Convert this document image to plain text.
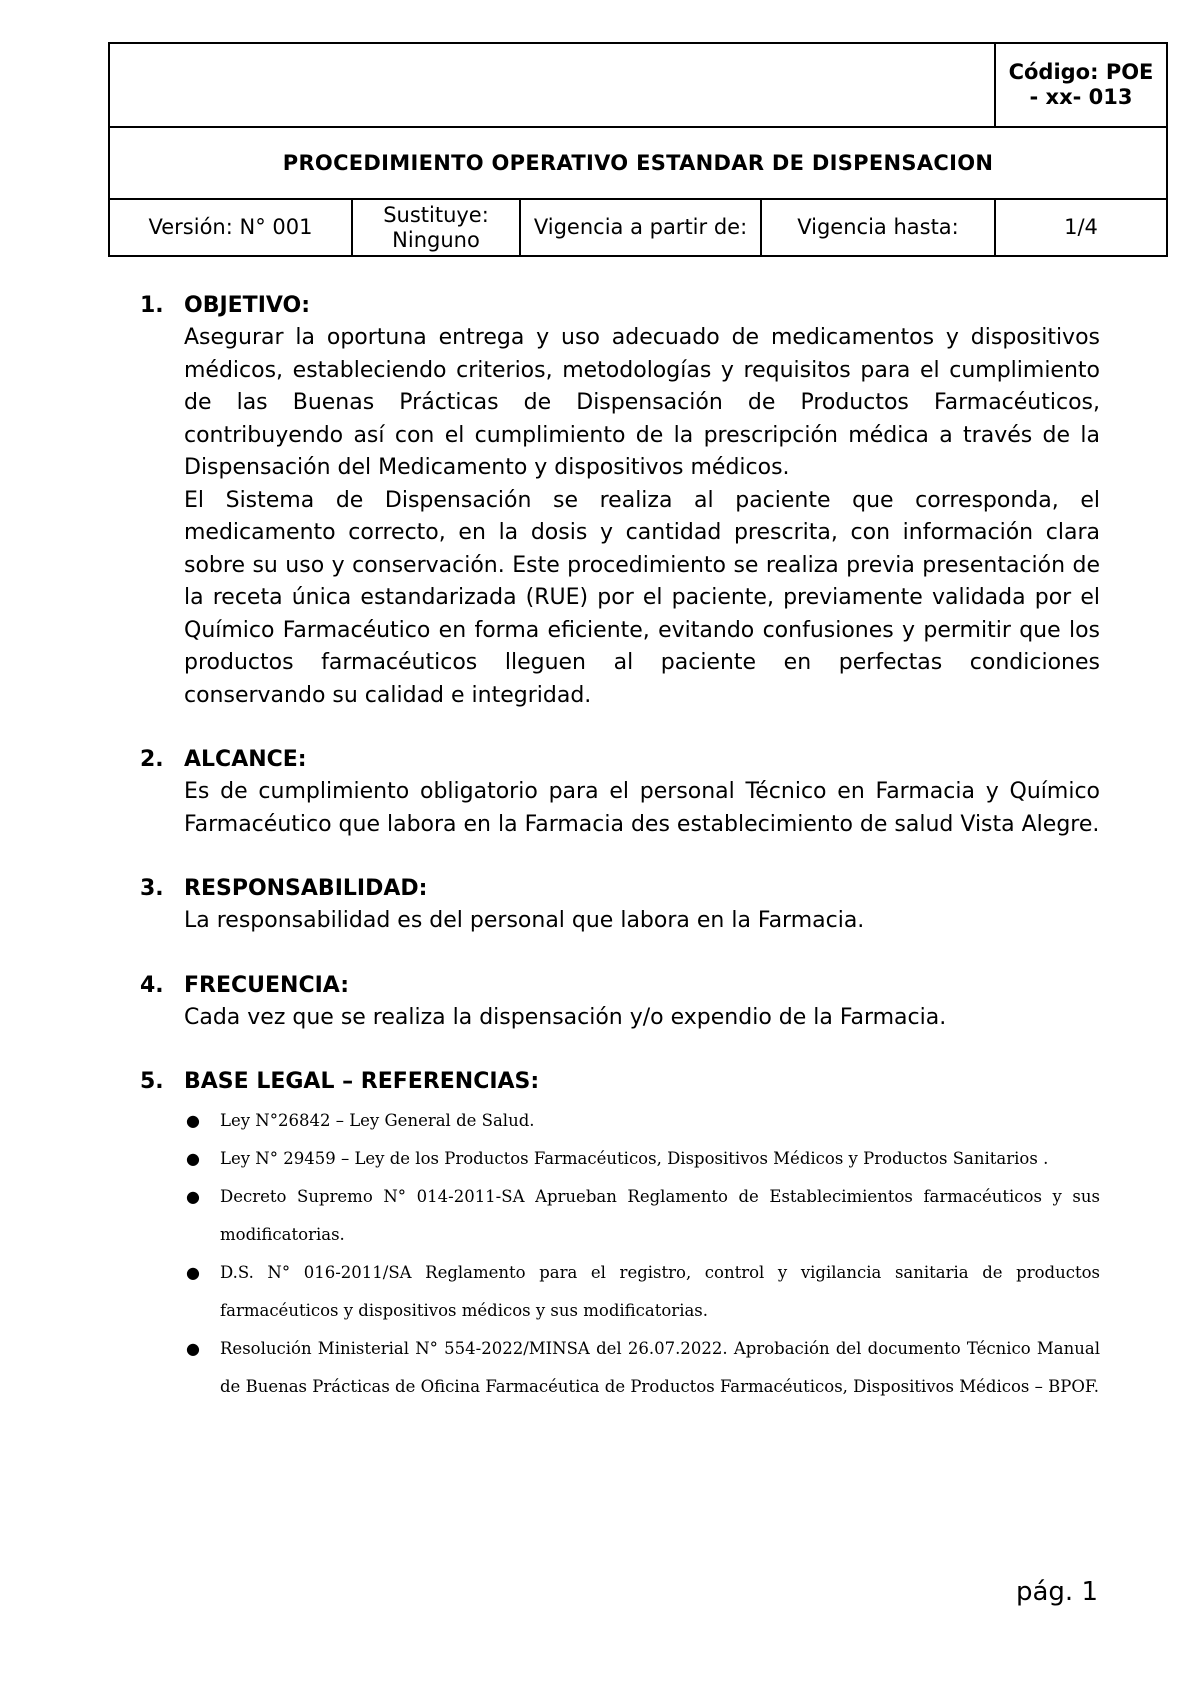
				Código: POE - xx- 013
PROCEDIMIENTO OPERATIVO ESTANDAR DE DISPENSACION				
Versión: N° 001	Sustituye: Ninguno	Vigencia a partir de:	Vigencia hasta:	1/4
1. OBJETIVO:

Asegurar la oportuna entrega y uso adecuado de medicamentos y dispositivos médicos, estableciendo criterios, metodologías y requisitos para el cumplimiento de las Buenas Prácticas de Dispensación de Productos Farmacéuticos, contribuyendo así con el cumplimiento de la prescripción médica a través de la Dispensación del Medicamento y dispositivos médicos.

El Sistema de Dispensación se realiza al paciente que corresponda, el medicamento correcto, en la dosis y cantidad prescrita, con información clara sobre su uso y conservación. Este procedimiento se realiza previa presentación de la receta única estandarizada (RUE) por el paciente, previamente validada por el Químico Farmacéutico en forma eficiente, evitando confusiones y permitir que los productos farmacéuticos lleguen al paciente en perfectas condiciones conservando su calidad e integridad.

2. ALCANCE:

Es de cumplimiento obligatorio para el personal Técnico en Farmacia y Químico Farmacéutico que labora en la Farmacia des establecimiento de salud Vista Alegre.

3. RESPONSABILIDAD:

La responsabilidad es del personal que labora en la Farmacia.

4. FRECUENCIA:

Cada vez que se realiza la dispensación y/o expendio de la Farmacia.

5. BASE LEGAL – REFERENCIAS:
● Ley N°26842 – Ley General de Salud.
● Ley N° 29459 – Ley de los Productos Farmacéuticos, Dispositivos Médicos y Productos Sanitarios .
● Decreto Supremo N° 014-2011-SA Aprueban Reglamento de Establecimientos farmacéuticos y sus modificatorias.
● D.S. N° 016-2011/SA Reglamento para el registro, control y vigilancia sanitaria de productos farmacéuticos y dispositivos médicos y sus modificatorias.
● Resolución Ministerial N° 554-2022/MINSA del 26.07.2022. Aprobación del documento Técnico Manual de Buenas Prácticas de Oficina Farmacéutica de Productos Farmacéuticos, Dispositivos Médicos – BPOF.
pág. 1
